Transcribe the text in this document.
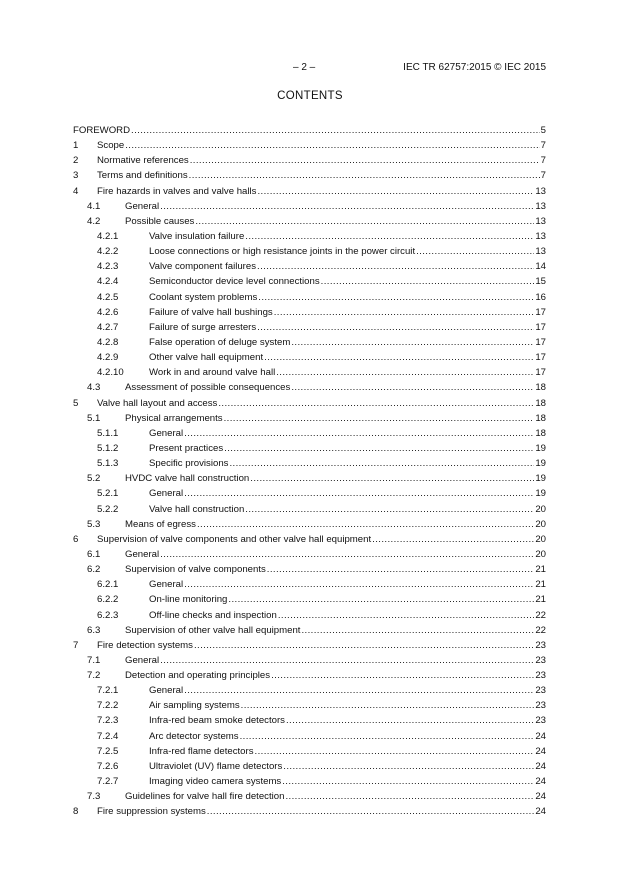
– 2 –	IEC TR 62757:2015 © IEC 2015
CONTENTS
FOREWORD .....	5
1 Scope .....	7
2 Normative references .....	7
3 Terms and definitions .....	7
4 Fire hazards in valves and valve halls .....	13
4.1	General .....	13
4.2	Possible causes .....	13
4.2.1	Valve insulation failure .....	13
4.2.2	Loose connections or high resistance joints in the power circuit .....	13
4.2.3	Valve component failures .....	14
4.2.4	Semiconductor device level connections .....	15
4.2.5	Coolant system problems .....	16
4.2.6	Failure of valve hall bushings .....	17
4.2.7	Failure of surge arresters .....	17
4.2.8	False operation of deluge system .....	17
4.2.9	Other valve hall equipment .....	17
4.2.10	Work in and around valve hall .....	17
4.3	Assessment of possible consequences .....	18
5 Valve hall layout and access .....	18
5.1	Physical arrangements .....	18
5.1.1	General .....	18
5.1.2	Present practices .....	19
5.1.3	Specific provisions .....	19
5.2	HVDC valve hall construction .....	19
5.2.1	General .....	19
5.2.2	Valve hall construction .....	20
5.3	Means of egress .....	20
6 Supervision of valve components and other valve hall equipment .....	20
6.1	General .....	20
6.2	Supervision of valve components .....	21
6.2.1	General .....	21
6.2.2	On-line monitoring .....	21
6.2.3	Off-line checks and inspection .....	22
6.3	Supervision of other valve hall equipment .....	22
7 Fire detection systems .....	23
7.1	General .....	23
7.2	Detection and operating principles .....	23
7.2.1	General .....	23
7.2.2	Air sampling systems .....	23
7.2.3	Infra-red beam smoke detectors .....	23
7.2.4	Arc detector systems .....	24
7.2.5	Infra-red flame detectors .....	24
7.2.6	Ultraviolet (UV) flame detectors .....	24
7.2.7	Imaging video camera systems .....	24
7.3	Guidelines for valve hall fire detection .....	24
8 Fire suppression systems .....	24
